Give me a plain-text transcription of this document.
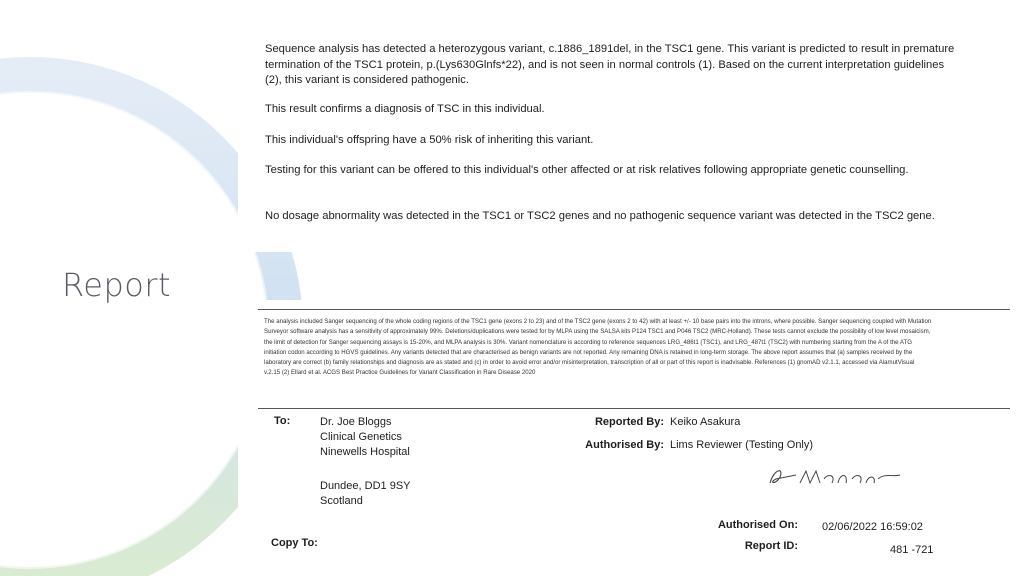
Report

Sequence analysis has detected a heterozygous variant, c.1886_1891del, in the TSC1 gene. This variant is predicted to result in premature termination of the TSC1 protein, p.(Lys630Glnfs*22), and is not seen in normal controls (1). Based on the current interpretation guidelines (2), this variant is considered pathogenic.

This result confirms a diagnosis of TSC in this individual.

This individual's offspring have a 50% risk of inheriting this variant.

Testing for this variant can be offered to this individual's other affected or at risk relatives following appropriate genetic counselling.

No dosage abnormality was detected in the TSC1 or TSC2 genes and no pathogenic sequence variant was detected in the TSC2 gene.

The analysis included Sanger sequencing of the whole coding regions of the TSC1 gene (exons 2 to 23) and of the TSC2 gene (exons 2 to 42) with at least +/- 10 base pairs into the introns, where possible. Sanger sequencing coupled with Mutation Surveyor software analysis has a sensitivity of approximately 99%. Deletions/duplications were tested for by MLPA using the SALSA kits P124 TSC1 and P046 TSC2 (MRC-Holland). These tests cannot exclude the possibility of low level mosaicism, the limit of detection for Sanger sequencing assays is 15-20%, and MLPA analysis is 30%. Variant nomenclature is according to reference sequences LRG_486t1 (TSC1), and LRG_487t1 (TSC2) with numbering starting from the A of the ATG initiation codon according to HGVS guidelines. Any variants detected that are characterised as benign variants are not reported. Any remaining DNA is retained in long-term storage. The above report assumes that (a) samples received by the laboratory are correct (b) family relationships and diagnosis are as stated and (c) in order to avoid error and/or misinterpretation, transcription of all or part of this report is inadvisable. References (1) gnomAD v2.1.1, accessed via AlamutVisual v.2.15 (2) Ellard et al. ACGS Best Practice Guidelines for Variant Classification in Rare Disease 2020
To:	Dr. Joe Bloggs
Clinical Genetics
Ninewells Hospital
Dundee, DD1 9SY
Scotland
Copy To:
Reported By: Keiko Asakura
Authorised By: Lims Reviewer (Testing Only)
Authorised On: 02/06/2022 16:59:02
Report ID:	481 -721
